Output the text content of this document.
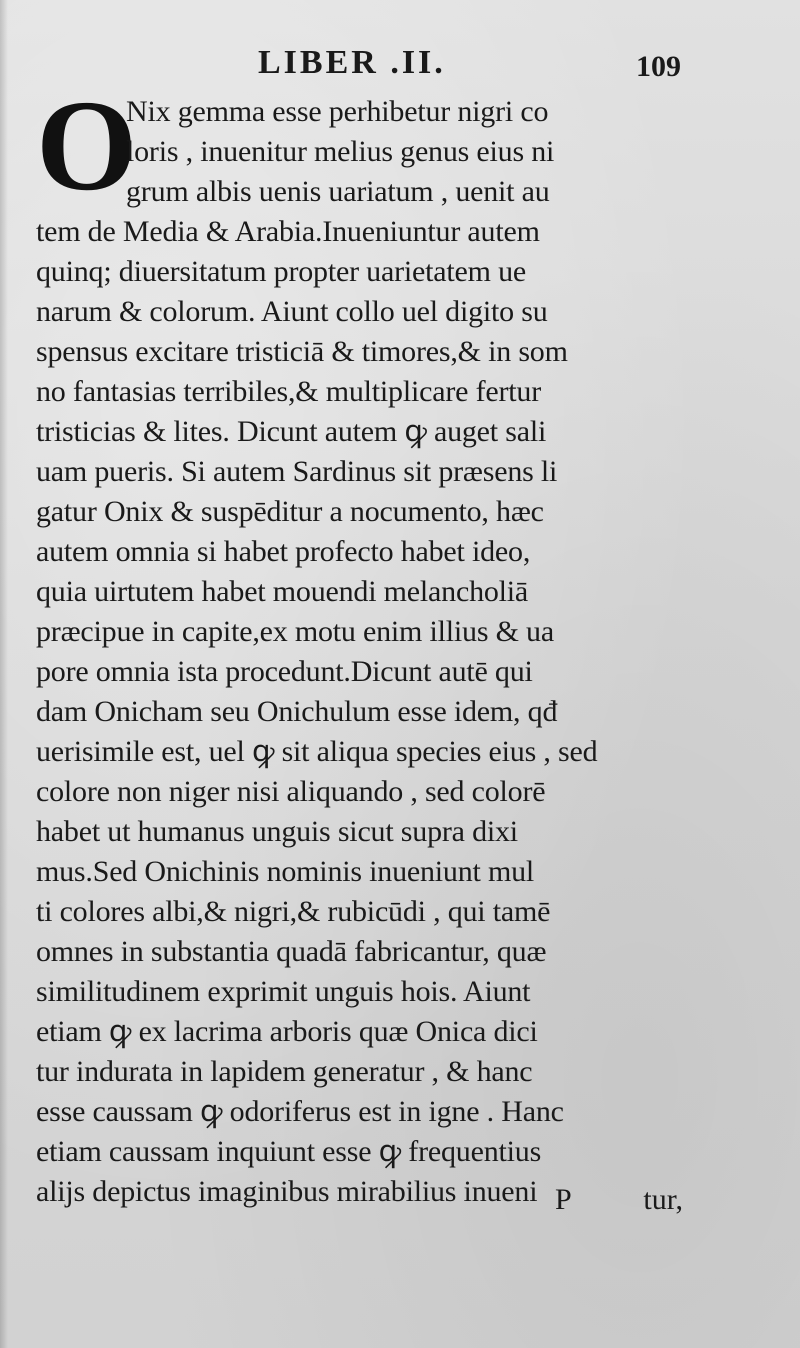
LIBER .II.	109
O
Nix gemma esse perhibetur nigri co
loris , inuenitur melius genus eius ni
grum albis uenis uariatum , uenit au
tem de Media & Arabia.Inueniuntur autem
quinq; diuersitatum propter uarietatem ue
narum & colorum. Aiunt collo uel digito su
spensus excitare tristiciā & timores,& in som
no fantasias terribiles,& multiplicare fertur
tristicias & lites. Dicunt autem ꝙ auget sali
uam pueris. Si autem Sardinus sit præsens li
gatur Onix & suspēditur a nocumento, hæc
autem omnia si habet profecto habet ideo,
quia uirtutem habet mouendi melancholiā
præcipue in capite,ex motu enim illius & ua
pore omnia ista procedunt.Dicunt autē qui
dam Onicham seu Onichulum esse idem, qđ
uerisimile est, uel ꝙ sit aliqua species eius , sed
colore non niger nisi aliquando , sed colorē
habet ut humanus unguis sicut supra dixi
mus.Sed Onichinis nominis inueniunt mul
ti colores albi,& nigri,& rubicūdi , qui tamē
omnes in substantia quadā fabricantur, quæ
similitudinem exprimit unguis hois. Aiunt
etiam ꝙ ex lacrima arboris quæ Onica dici
tur indurata in lapidem generatur , & hanc
esse caussam ꝙ odoriferus est in igne . Hanc
etiam caussam inquiunt esse ꝙ frequentius
alijs depictus imaginibus mirabilius inueni P tur,
